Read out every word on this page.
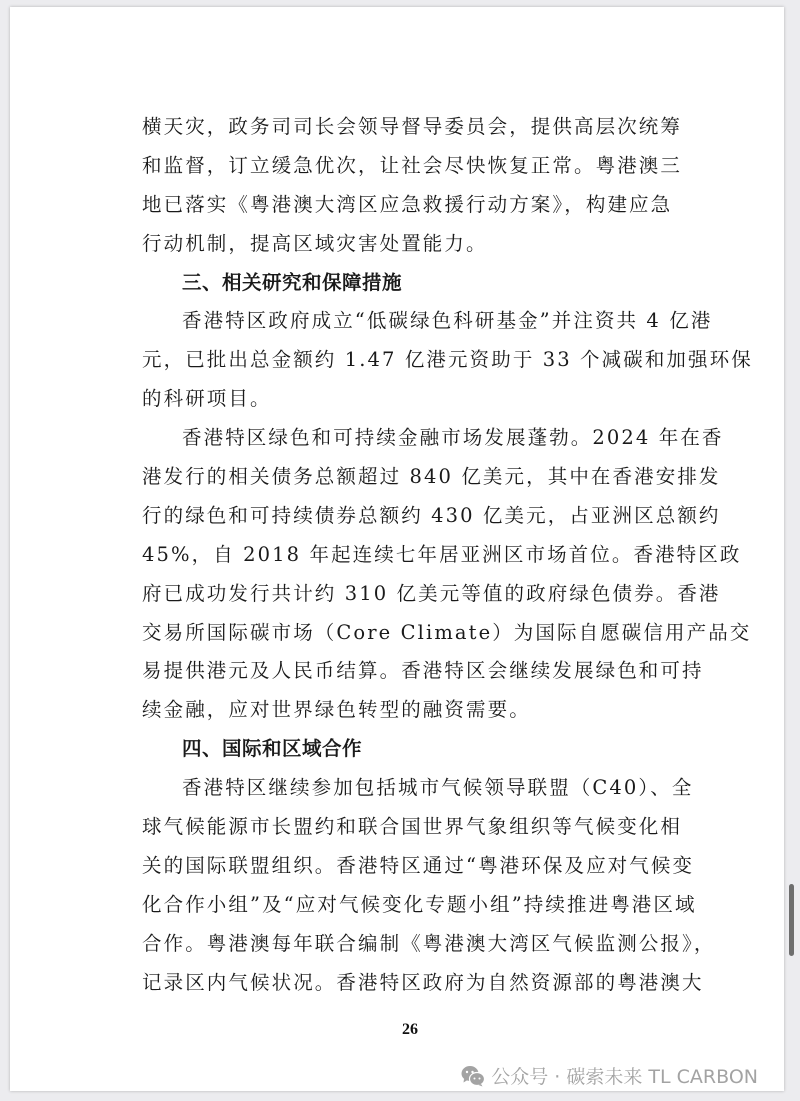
横天灾，政务司司长会领导督导委员会，提供高层次统筹
和监督，订立缓急优次，让社会尽快恢复正常。粤港澳三
地已落实《粤港澳大湾区应急救援行动方案》，构建应急
行动机制，提高区域灾害处置能力。
三、相关研究和保障措施
香港特区政府成立“低碳绿色科研基金”并注资共 4 亿港
元，已批出总金额约 1.47 亿港元资助于 33 个减碳和加强环保
的科研项目。
香港特区绿色和可持续金融市场发展蓬勃。2024 年在香
港发行的相关债务总额超过 840 亿美元，其中在香港安排发
行的绿色和可持续债券总额约 430 亿美元，占亚洲区总额约
45%，自 2018 年起连续七年居亚洲区市场首位。香港特区政
府已成功发行共计约 310 亿美元等值的政府绿色债券。香港
交易所国际碳市场（Core Climate）为国际自愿碳信用产品交
易提供港元及人民币结算。香港特区会继续发展绿色和可持
续金融，应对世界绿色转型的融资需要。
四、国际和区域合作
香港特区继续参加包括城市气候领导联盟（C40）、全
球气候能源市长盟约和联合国世界气象组织等气候变化相
关的国际联盟组织。香港特区通过“粤港环保及应对气候变
化合作小组”及“应对气候变化专题小组”持续推进粤港区域
合作。粤港澳每年联合编制《粤港澳大湾区气候监测公报》，
记录区内气候状况。香港特区政府为自然资源部的粤港澳大
26
公众号 · 碳索未来 TL CARBON
